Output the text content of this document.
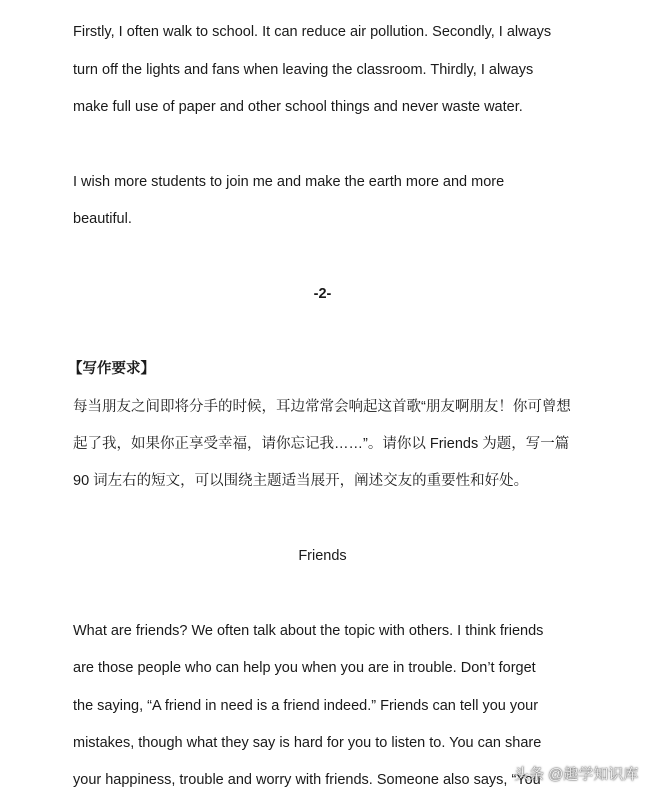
Firstly, I often walk to school. It can reduce air pollution. Secondly, I always
turn off the lights and fans when leaving the classroom. Thirdly, I always
make full use of paper and other school things and never waste water.
I wish more students to join me and make the earth more and more
beautiful.
-2-
【写作要求】
每当朋友之间即将分手的时候，耳边常常会响起这首歌“朋友啊朋友！你可曾想
起了我，如果你正享受幸福，请你忘记我……”。请你以 Friends 为题，写一篇
90 词左右的短文，可以围绕主题适当展开，阐述交友的重要性和好处。
Friends
What are friends? We often talk about the topic with others. I think friends
are those people who can help you when you are in trouble. Don’t forget
the saying, “A friend in need is a friend indeed.” Friends can tell you your
mistakes, though what they say is hard for you to listen to. You can share
your happiness, trouble and worry with friends. Someone also says, “You
头条 @趣学知识库
